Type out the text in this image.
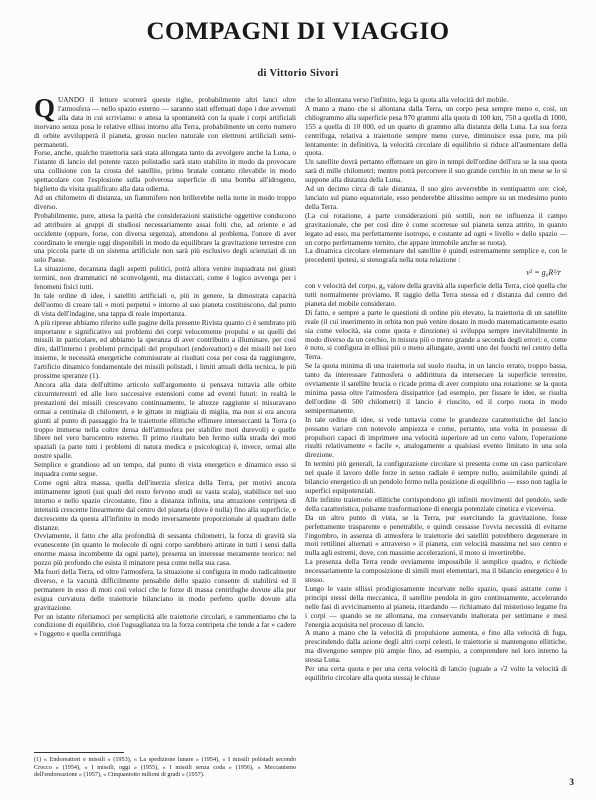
COMPAGNI DI VIAGGIO
di Vittorio Sivori
Q UANDO il lettore scorrerà queste righe, probabilmente altri lanci oltre l'atmosfera — nello spazio esterno — saranno stati effettuati dopo i due avvenuti alla data in cui scriviamo: e attesa la spontaneità con la quale i corpi artificiali inorvano senza posa le relative ellissi intorno alla Terra, probabilmente un certo numero di orbite avvilupperà il pianeta, grosso nucleo naturale con elettroni artificiali semi-permanenti.

Forse, anche, qualche traiettoria sarà stata allungata tanto da avvolgere anche la Luna, o l'istante di lancio del potente razzo polistadio sarà stato stabilito in modo da provocare una collisione con la crosta del satellite, primo brutale contatto rilevabile in modo spettacolare con l'esplosione sulla polverosa superficie di una bomba all'idrogeno, biglietto da visita qualificato alla data odierna.

Ad un chilometro di distanza, un fiammifero non brillerebbe nella notte in modo troppo diverso.

Probabilmente, pure, attesa la parità che considerazioni statistiche oggettive conducono ad attribuire ai gruppi di studiosi necessariamente assai folti che, ad oriente e ad occidente (oppure, forse, con diversa urgenza), attendono al problema, l'onore di aver coordinato le energie oggi disponibili in modo da equilibrare la gravitazione terrestre con una piccola parte di un sistema artificiale non sarà più esclusivo degli scienziati di un solo Paese.

La situazione, decantata dagli aspetti politici, potrà allora venire inquadrata nei giusti termini, non drammatici nè sconvolgenti, ma distaccati, come è logico avvenga per i fenomeni fisici tutti.

In tale ordine di idee, i satelliti artificiali o, più in genere, la dimostrata capacità dell'uomo di creare tali « moti perpetui » intorno al suo pianeta costituiscono, dal punto di vista dell'indagine, una tappa di reale importanza.

A più riprese abbiamo riferito sulle pagine della presente Rivista quanto ci è sembrato più importante e significativo sui problemi dei corpi velocemente propulsi e su quelli dei missili in particolare, ed abbiamo la speranza di aver contribuito a illuminare, per così dire, dall'interno i problemi principali del propulsori (endoreattori) e dei missili nel loro insieme, le necessità energetiche commisurate ai risultati cosa per cosa da raggiungere, l'artificio dinamico fondamentale dei missili polistadi, i limiti attuali della tecnica, le più prossime speranze (1).

Ancora alla data dell'ultimo articolo sull'argomento si pensava tuttavia alle orbite circumterrestri ed alle loro successive estensioni come ad eventi futuri: in realtà le prestazioni dei missili crescevano continuamente, le altezze raggiunte si misuravano ormai a centinaia di chilometri, e le gittate in migliaia di miglia, ma non si era ancora giunti al punto di passaggio fra le traiettorie ellittiche effimere interseccanti la Terra (o troppo immerse nella coltre densa dell'atmosfera per stabilire moti durevoli) e quelle libere nel vero barocentro esterno. Il primo risultato ben fermo sulla strada dei moti spaziali (a parte tutti i problemi di natura medica e psicologica) è, invece, ormai alle nostre spalle.

Semplice e grandioso ad un tempo, dal punto di vista energetico e dinamico esso si inquadra come segue.

Come ogni altra massa, quella dell'inerzia sferica della Terra, per motivi ancora intimamente ignoti (sui quali del resto fervono studi su vasta scala), stabilisce nel suo intorno e nello spazio circostante, fino a distanza infinita, una attrazione centripeta di intensità crescente linearmente dal centro del pianeta (dove è nulla) fino alla superficie, e decrescente da questa all'infinito in modo inversamente proporzionale al quadrato delle distanze.

Ovviamente, il fatto che alla profondità di sessanta chilometri, la forza di gravità sia evanescente (in quanto le molecole di ogni corpo sarebbero attirate in tutti i sensi dalla enorme massa incombente da ogni parte), presenta un interesse meramente teorico: nel pozzo più profondo che esista il minatore pesa come nella sua casa.

Ma fuori della Terra, ed oltre l'atmosfera, la situazione si configura in modo radicalmente diverso, e la vacuità difficilmente pensabile dello spazio consente di stabilirsi ed il permanere in esso di moti così veloci che le forze di massa centrifughe dovute alla pur esigua curvatura delle traiettorie bilanciano in modo perfetto quelle dovute alla gravitazione.

Per un istante riferiamoci per semplicità alle traiettorie circolari, e rammentiamo che la condizione di equilibrio, cioè l'uguaglianza tra la forza centripeta che tende a far « cadere » l'oggetto e quella centrifuga

che lo allontana verso l'infinito, lega la quota alla velocità del mobile.

A mano a mano che si allontana dalla Terra, un corpo pesa sempre meno e, così, un chilogrammo alla superficie pesa 970 grammi alla quota di 100 km, 750 a quella di 1000, 155 a quella di 10 000, ed un quarto di grammo alla distanza della Luna. La sua forza centrifuga, relativa a traiettorie sempre meno curve, diminuisce essa pure, ma più lentamente: in definitiva, la velocità circolare di equilibrio si riduce all'aumentare della quota.

Un satellite dovrà pertanto effettuare un giro in tempi dell'ordine dell'ora se la sua quota sarà di mille chilometri; mentre potrà percorrere il suo grande cerchio in un mese se lo si suppone alla distanza della Luna.

Ad un decimo circa di tale distanza, il suo giro avverrebbe in ventiquattro ore: cioè, lanciato sul piano equatoriale, esso penderebbe altissimo sempre su un medesimo punto della Terra.

(La cui rotazione, a parte considerazioni più sottili, non ne influenza il campo gravitazionale, che per così dire è come scorresse sul pianeta senza attrito, in quanto legato ad esso, ma perfettamente isotropo, e costante ad ogni « livello » dello spazio — un corpo perfettamente tornito, che appare immobile anche se ruota).

La dinamica circolare elementare del satellite è quindi estremamente semplice e, con le precedenti ipotesi, si stenografa nella nota relazione :

v² = g₀R²/r

con v velocità del corpo, g₀ valore della gravità alla superficie della Terra, cioè quella che tutti normalmente proviamo, R raggio della Terra stessa ed r distanza dal centro del pianeta del mobile considerato.

Di fatto, e sempre a parte le questioni di ordine più elevato, la traiettoria di un satellite reale (il cui inserimento in orbita non può venire dosato in modo matematicamente esatto sia come velocità, sia come quota e direzione) si sviluppa sempre inevitabilmente in modo diverso da un cerchio, in misura più o meno grande a seconda degli errori: e, come è noto, si configura in ellissi più o meno allungate, aventi uno dei fuochi nel centro della Terra.

Se la quota minima di una traiettoria sul suolo risulta, in un lancio errato, troppo bassa, tanto da interessare l'atmosfera o addirittura da intersecare la superficie terrestre, ovviamente il satellite brucia o ricade prima di aver compiuto una rotazione: se la quota minima passa oltre l'atmosfera dissipatrice (ad esempio, per fissare le idee, se risulta dell'ordine di 500 chilometri) il lancio è riuscito, ed il corpo ruota in modo semipermanente.

In tale ordine di idee, si vede tuttavia come le grandezze caratteristiche del lancio possano variare con notevole ampiezza e come, pertanto, una volta in possesso di propulsori capaci di imprimere una velocità superiore ad un certo valore, l'operazione risulti relativamente « facile », analogamente a qualsiasi evento limitato in una sola direzione.

In termini più generali, la configurazione circolare si presenta come un caso particolare nel quale il lavoro delle forze in senso radiale è sempre nullo, assimilabile quindi al bilancio energetico di un pendolo fermo nella posizione di equilibrio — esso non taglia le superfici equipotenziali.

Alle infinite traiettorie ellittiche corrispondono gli infiniti movimenti del pendolo, sede della caratteristica, pulsante trasformazione di energia potenziale cinetica e viceversa.

Da un altro punto di vista, se la Terra, pur esercitando la gravitazione, fosse perfettamente trasparente e penetrabile, e quindi cessasse l'ovvia necessità di evitarne l'ingombro, in assenza di atmosfera le traiettorie dei satelliti potrebbero degenerare in moti rettilinei alternati « attraverso » il pianeta, con velocità massima nel suo centro e nulla agli estremi, dove, con massime accelerazioni, il moto si invertirebbe.

La presenza della Terra rende ovviamente impossibile il semplice quadro, e richiede necessariamente la composizione di simili moti elementari, ma il bilancio energetico è lo stesso.

Lungo le vaste ellissi prodigiosamente incurvate nello spazio, quasi astratte come i principi stessi della meccanica, il satellite pendola in giro continuamente, accelerando nelle fasi di avvicinamento al pianeta, ritardando — richiamato dal misterioso legame fra i corpi — quando se ne allontana, ma conservando inalterata per settimane e mesi l'energia acquisita nel processo di lancio.

A mano a mano che la velocità di propulsione aumenta, e fino alla velocità di fuga, prescindendo dalla azione degli altri corpi celesti, le traiettorie si mantengono ellittiche, ma divengono sempre più ampie fino, ad esempio, a comprendere nel loro interno la stessa Luna.

Per una certa quota e per una certa velocità di lancio (uguale a √2 volte la velocità di equilibrio circolare alla quota stessa) le chiuse

(1) « Endoreattori e missili » (1953), « La spedizione lunare » (1954), « I missili polistadi secondo Crocco » (1954), « I missili, oggi » (1955), « I missili senza coda » (1956), « Meccanismo dell'endoreazione » (1957), « Cinquantotto milioni di gradi » (1957).
3
